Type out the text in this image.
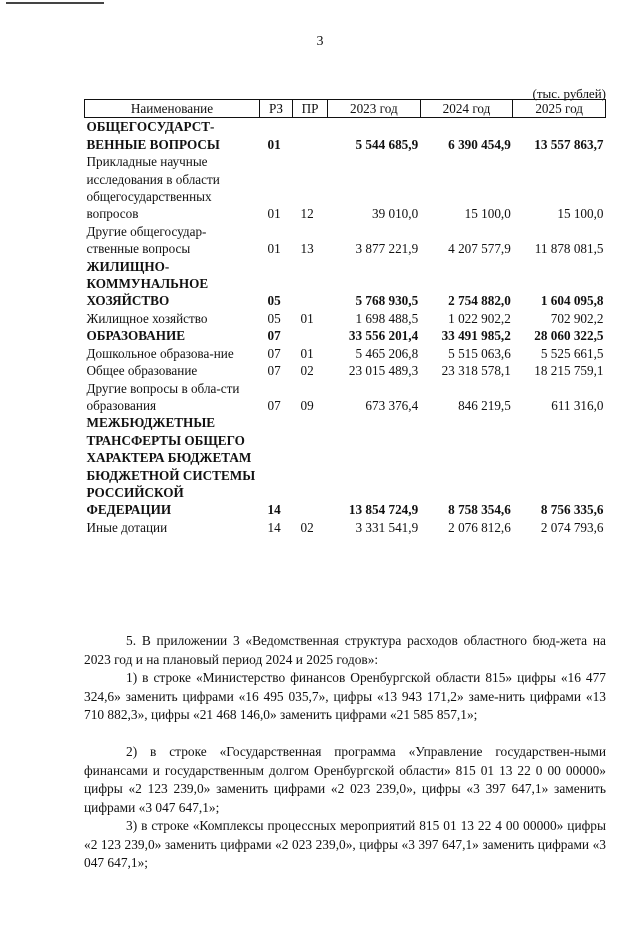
3
(тыс. рублей)
Наименование	РЗ	ПР	2023 год	2024 год	2025 год
ОБЩЕГОСУДАРСТ-ВЕННЫЕ ВОПРОСЫ	01		5 544 685,9	6 390 454,9	13 557 863,7
Прикладные научные исследования в области общегосударственных вопросов	01	12	39 010,0	15 100,0	15 100,0
Другие общегосудар-ственные вопросы	01	13	3 877 221,9	4 207 577,9	11 878 081,5
ЖИЛИЩНО-КОММУНАЛЬНОЕ ХОЗЯЙСТВО	05		5 768 930,5	2 754 882,0	1 604 095,8
Жилищное хозяйство	05	01	1 698 488,5	1 022 902,2	702 902,2
ОБРАЗОВАНИЕ	07		33 556 201,4	33 491 985,2	28 060 322,5
Дошкольное образова-ние	07	01	5 465 206,8	5 515 063,6	5 525 661,5
Общее образование	07	02	23 015 489,3	23 318 578,1	18 215 759,1
Другие вопросы в обла-сти образования	07	09	673 376,4	846 219,5	611 316,0
МЕЖБЮДЖЕТНЫЕ ТРАНСФЕРТЫ ОБЩЕГО ХАРАКТЕРА БЮДЖЕТАМ БЮДЖЕТНОЙ СИСТЕМЫ РОССИЙСКОЙ ФЕДЕРАЦИИ	14		13 854 724,9	8 758 354,6	8 756 335,6
Иные дотации	14	02	3 331 541,9	2 076 812,6	2 074 793,6

5. В приложении 3 «Ведомственная структура расходов областного бюд-жета на 2023 год и на плановый период 2024 и 2025 годов»:

1) в строке «Министерство финансов Оренбургской области 815» цифры «16 477 324,6» заменить цифрами «16 495 035,7», цифры «13 943 171,2» заме-нить цифрами «13 710 882,3», цифры «21 468 146,0» заменить цифрами «21 585 857,1»;

2) в строке «Государственная программа «Управление государствен-ными финансами и государственным долгом Оренбургской области» 815 01 13 22 0 00 00000» цифры «2 123 239,0» заменить цифрами «2 023 239,0», цифры «3 397 647,1» заменить цифрами «3 047 647,1»;

3) в строке «Комплексы процессных мероприятий 815 01 13 22 4 00 00000» цифры «2 123 239,0» заменить цифрами «2 023 239,0», цифры «3 397 647,1» заменить цифрами «3 047 647,1»;
